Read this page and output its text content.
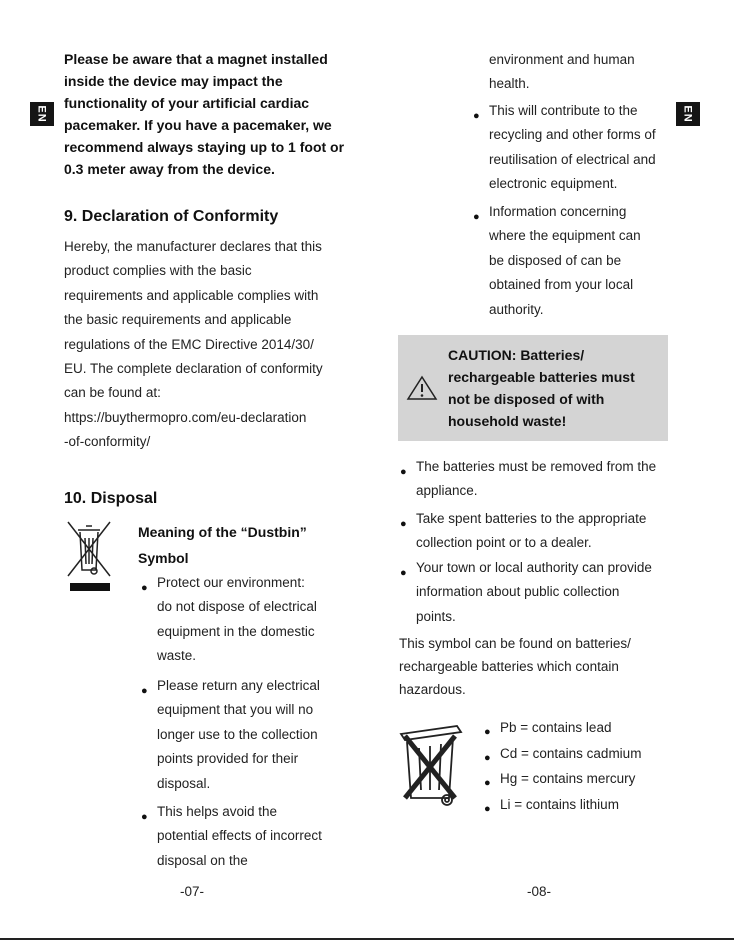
EN	EN
Please be aware that a magnet installed inside the device may impact the functionality of your artificial cardiac pacemaker. If you have a pacemaker, we recommend always staying up to 1 foot or 0.3 meter away from the device.
9. Declaration of Conformity
Hereby, the manufacturer declares that this
product complies with the basic
requirements and applicable complies with
the basic requirements and applicable
regulations of the EMC Directive 2014/30/
EU. The complete declaration of conformity
can be found at:
https://buythermopro.com/eu-declaration
-of-conformity/
10. Disposal
Meaning of the “Dustbin”
Symbol
● Protect our environment:
do not dispose of electrical
equipment in the domestic
waste.
● Please return any electrical
equipment that you will no
longer use to the collection
points provided for their
disposal.
● This helps avoid the
potential effects of incorrect
disposal on the
environment and human
health.
● This will contribute to the
recycling and other forms of
reutilisation of electrical and
electronic equipment.
● Information concerning
where the equipment can
be disposed of can be
obtained from your local
authority.
CAUTION: Batteries/
rechargeable batteries must
not be disposed of with
household waste!
● The batteries must be removed from the
appliance.
● Take spent batteries to the appropriate
collection point or to a dealer.
● Your town or local authority can provide
information about public collection
points.
This symbol can be found on batteries/
rechargeable batteries which contain
hazardous.
● Pb = contains lead
● Cd = contains cadmium
● Hg = contains mercury
● Li = contains lithium
-07-	-08-
